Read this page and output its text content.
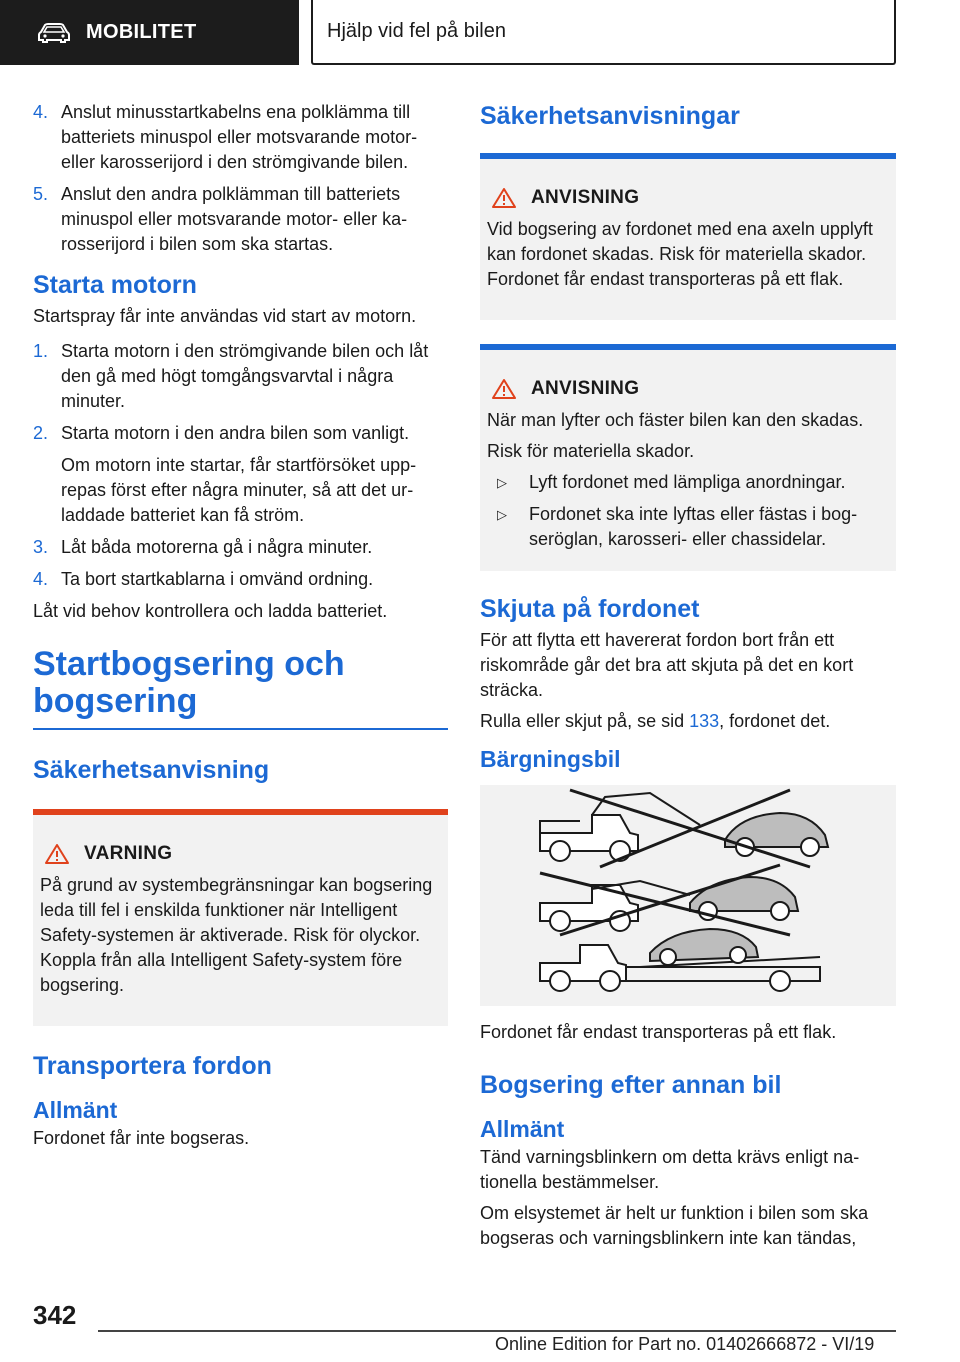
MOBILITET	Hjälp vid fel på bilen
4. Anslut minusstartkabelns ena polklämma till batteriets minuspol eller motsvarande motor- eller karosserijord i den strömgivande bilen.
5. Anslut den andra polklämman till batteriets minuspol eller motsvarande motor- eller karosserijord i bilen som ska startas.
Starta motorn

Startspray får inte användas vid start av motorn.

1. Starta motorn i den strömgivande bilen och låt den gå med högt tomgångsvarvtal i några minuter.
2. Starta motorn i den andra bilen som vanligt.

Om motorn inte startar, får startförsöket upprepas först efter några minuter, så att det urladdade batteriet kan få ström.

3. Låt båda motorerna gå i några minuter.
4. Ta bort startkablarna i omvänd ordning.

Låt vid behov kontrollera och ladda batteriet.

Startbogsering och bogsering
Säkerhetsanvisning
VARNING

På grund av systembegränsningar kan bogsering leda till fel i enskilda funktioner när Intelligent Safety-systemen är aktiverade. Risk för olyckor. Koppla från alla Intelligent Safety-system före bogsering.

Transportera fordon
Allmänt

Fordonet får inte bogseras.

Säkerhetsanvisningar
ANVISNING

Vid bogsering av fordonet med ena axeln upplyft kan fordonet skadas. Risk för materiella skador. Fordonet får endast transporteras på ett flak.

ANVISNING

När man lyfter och fäster bilen kan den skadas.

Risk för materiella skador.

▷	Lyft fordonet med lämpliga anordningar.
▷	Fordonet ska inte lyftas eller fästas i bogseröglan, karosseri- eller chassidelar.
Skjuta på fordonet

För att flytta ett havererat fordon bort från ett riskområde går det bra att skjuta på det en kort sträcka.

Rulla eller skjut på, se sid 133, fordonet det.

Bärgningsbil

Fordonet får endast transporteras på ett flak.

Bogsering efter annan bil
Allmänt

Tänd varningsblinkern om detta krävs enligt nationella bestämmelser.

Om elsystemet är helt ur funktion i bilen som ska bogseras och varningsblinkern inte kan tändas,

342
Online Edition for Part no. 01402666872 - VI/19
